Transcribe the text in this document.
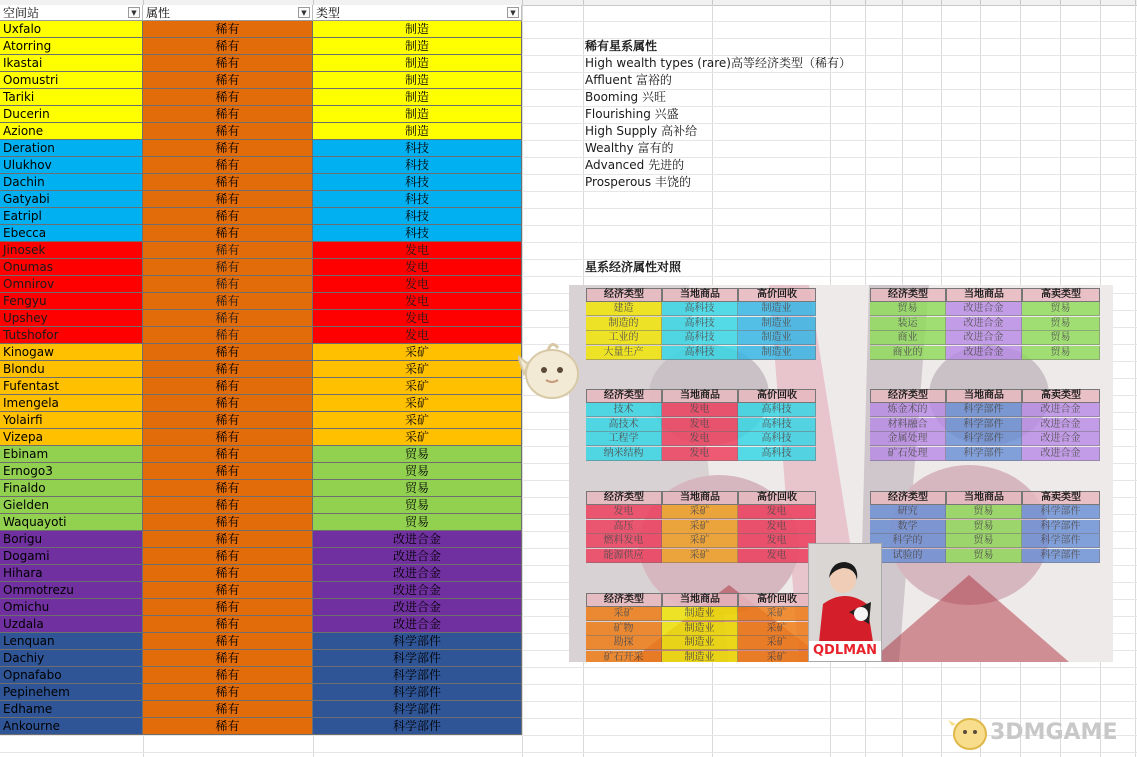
空间站	▼ 属性	▼ 类型	▼
Uxfalo	稀有	制造
Atorring	稀有	制造
Ikastai	稀有	制造
Oomustri	稀有	制造
Tariki	稀有	制造
Ducerin	稀有	制造
Azione	稀有	制造
Deration	稀有	科技
Ulukhov	稀有	科技
Dachin	稀有	科技
Gatyabi	稀有	科技
Eatripl	稀有	科技
Ebecca	稀有	科技
Jinosek	稀有	发电
Onumas	稀有	发电
Omnirov	稀有	发电
Fengyu	稀有	发电
Upshey	稀有	发电
Tutshofor	稀有	发电
Kinogaw	稀有	采矿
Blondu	稀有	采矿
Fufentast	稀有	采矿
Imengela	稀有	采矿
Yolairfi	稀有	采矿
Vizepa	稀有	采矿
Ebinam	稀有	贸易
Ernogo3	稀有	贸易
Finaldo	稀有	贸易
Gielden	稀有	贸易
Waquayoti	稀有	贸易
Borigu	稀有	改进合金
Dogami	稀有	改进合金
Hihara	稀有	改进合金
Ommotrezu	稀有	改进合金
Omichu	稀有	改进合金
Uzdala	稀有	改进合金
Lenquan	稀有	科学部件
Dachiy	稀有	科学部件
Opnafabo	稀有	科学部件
Pepinehem	稀有	科学部件
Edhame	稀有	科学部件
Ankourne	稀有	科学部件
稀有星系属性
High wealth types (rare)高等经济类型（稀有）
Affluent 富裕的
Booming 兴旺
Flourishing 兴盛
High Supply 高补给
Wealthy 富有的
Advanced 先进的
Prosperous 丰饶的
星系经济属性对照
经济类型	当地商品	高价回收
建造	高科技	制造业
制造的	高科技	制造业
工业的	高科技	制造业
大量生产	高科技	制造业
经济类型	当地商品	高卖类型
贸易	改进合金	贸易
装运	改进合金	贸易
商业	改进合金	贸易
商业的	改进合金	贸易
经济类型	当地商品	高价回收
技术	发电	高科技
高技术	发电	高科技
工程学	发电	高科技
纳米结构	发电	高科技
经济类型	当地商品	高卖类型
炼金术的	科学部件	改进合金
材料融合	科学部件	改进合金
金属处理	科学部件	改进合金
矿石处理	科学部件	改进合金
经济类型	当地商品	高价回收
发电	采矿	发电
高压	采矿	发电
燃料发电	采矿	发电
能源供应	采矿	发电
经济类型	当地商品	高卖类型
研究	贸易	科学部件
数学	贸易	科学部件
科学的	贸易	科学部件
试验的	贸易	科学部件
经济类型	当地商品	高价回收
采矿	制造业	采矿
矿物	制造业	采矿
勘探	制造业	采矿
矿石开采	制造业	采矿	QDLMAN
3DMGAME
